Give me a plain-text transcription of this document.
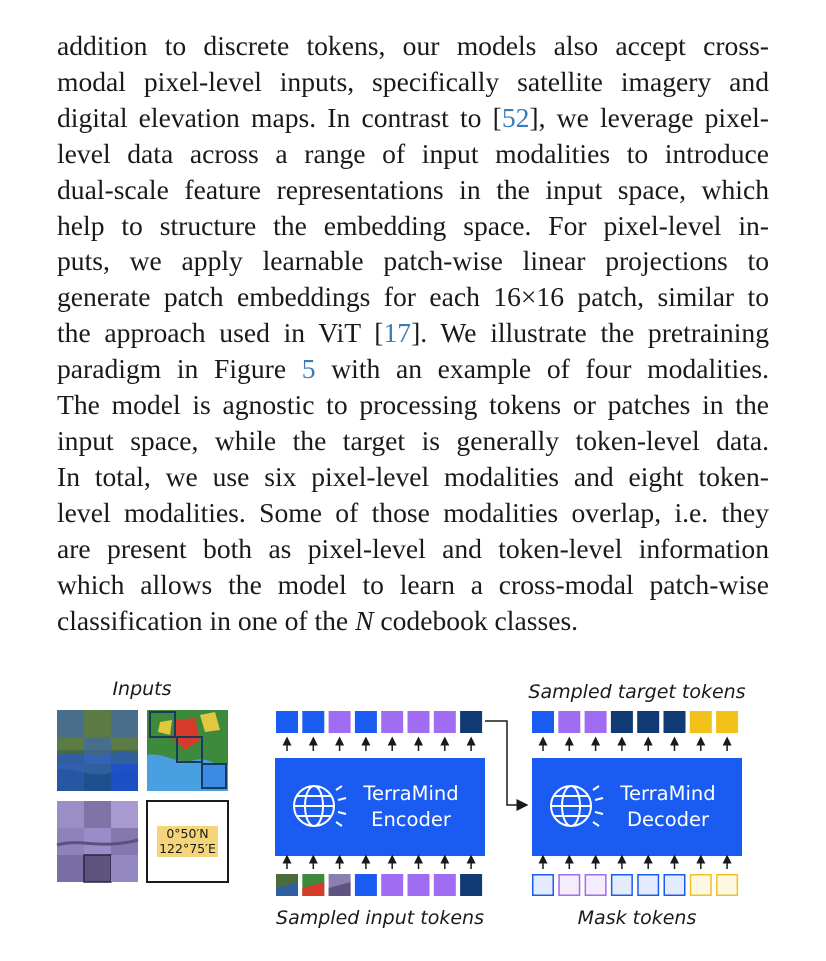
addition to discrete tokens, our models also accept cross-
modal pixel-level inputs, specifically satellite imagery and
digital elevation maps. In contrast to [52], we leverage pixel-
level data across a range of input modalities to introduce
dual-scale feature representations in the input space, which
help to structure the embedding space. For pixel-level in-
puts, we apply learnable patch-wise linear projections to
generate patch embeddings for each 16×16 patch, similar to
the approach used in ViT [17]. We illustrate the pretraining
paradigm in Figure 5 with an example of four modalities.
The model is agnostic to processing tokens or patches in the
input space, while the target is generally token-level data.
In total, we use six pixel-level modalities and eight token-
level modalities. Some of those modalities overlap, i.e. they
are present both as pixel-level and token-level information
which allows the model to learn a cross-modal patch-wise
classification in one of the N codebook classes.
Inputs
0°50′N
122°75′E
TerraMind
Encoder
Sampled target tokens
TerraMind
Decoder
Sampled input tokens	Mask tokens
